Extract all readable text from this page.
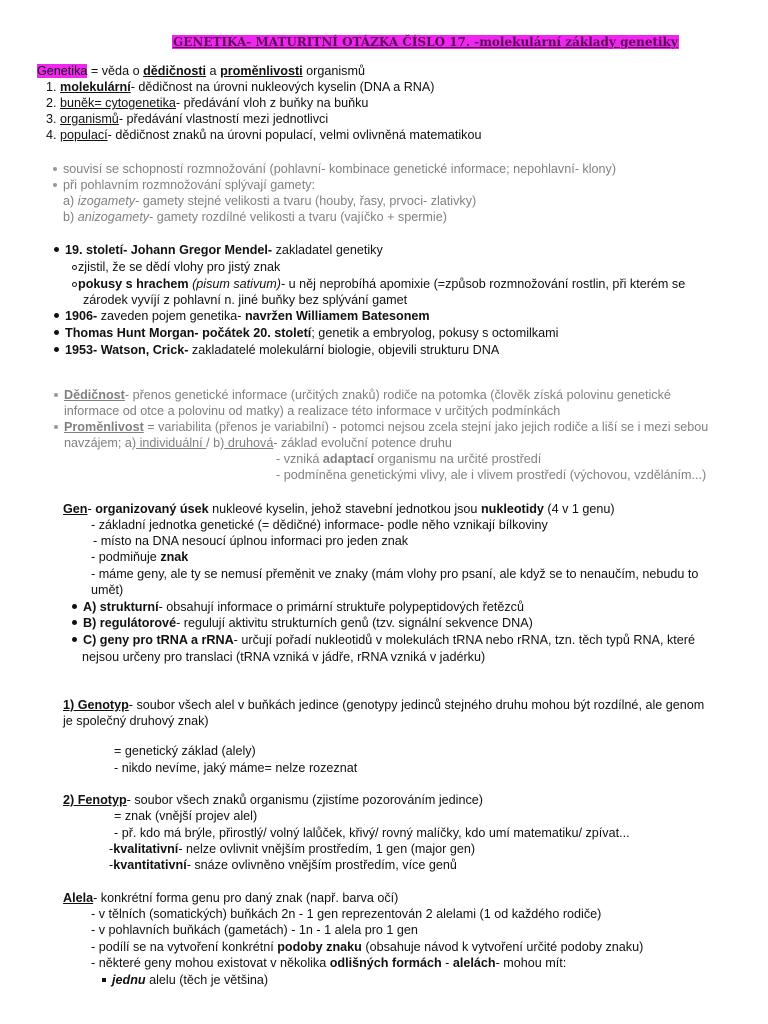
GENETIKA- MATURITNÍ OTÁZKA ČÍSLO 17. -molekulární základy genetiky
Genetika = věda o dědičnosti a proměnlivosti organismů
1. molekulární- dědičnost na úrovni nukleových kyselin (DNA a RNA)
2. buněk= cytogenetika- předávání vloh z buňky na buňku
3. organismů- předávání vlastností mezi jednotlivci
4. populací- dědičnost znaků na úrovni populací, velmi ovlivněná matematikou
souvisí se schopností rozmnožování (pohlavní- kombinace genetické informace; nepohlavní- klony)
při pohlavním rozmnožování splývají gamety:
a) izogamety- gamety stejné velikosti a tvaru (houby, řasy, prvoci- zlativky)
b) anizogamety- gamety rozdílné velikosti a tvaru (vajíčko + spermie)
19. století- Johann Gregor Mendel- zakladatel genetiky
zjistil, že se dědí vlohy pro jistý znak
pokusy s hrachem (pisum sativum)- u něj neprobíhá apomixie (=způsob rozmnožování rostlin, při kterém se
zárodek vyvíjí z pohlavní n. jiné buňky bez splývání gamet
1906- zaveden pojem genetika- navržen Williamem Batesonem
Thomas Hunt Morgan- počátek 20. století; genetik a embryolog, pokusy s octomilkami
1953- Watson, Crick- zakladatelé molekulární biologie, objevili strukturu DNA
Dědičnost- přenos genetické informace (určitých znaků) rodiče na potomka (člověk získá polovinu genetické
informace od otce a polovinu od matky) a realizace této informace v určitých podmínkách
Proměnlivost = variabilita (přenos je variabilní) - potomci nejsou zcela stejní jako jejich rodiče a liší se i mezi sebou
navzájem; a) individuální / b) druhová- základ evoluční potence druhu
- vzniká adaptací organismu na určité prostředí
- podmíněna genetickými vlivy, ale i vlivem prostředí (výchovou, vzděláním...)
Gen- organizovaný úsek nukleové kyselin, jehož stavební jednotkou jsou nukleotidy (4 v 1 genu)
- základní jednotka genetické (= dědičné) informace- podle něho vznikají bílkoviny
- místo na DNA nesoucí úplnou informaci pro jeden znak
- podmiňuje znak
- máme geny, ale ty se nemusí přeměnit ve znaky (mám vlohy pro psaní, ale když se to nenaučím, nebudu to
umět)
A) strukturní- obsahují informace o primární struktuře polypeptidových řetězců
B) regulátorové- regulují aktivitu strukturních genů (tzv. signální sekvence DNA)
C) geny pro tRNA a rRNA- určují pořadí nukleotidů v molekulách tRNA nebo rRNA, tzn. těch typů RNA, které
nejsou určeny pro translaci (tRNA vzniká v jádře, rRNA vzniká v jadérku)
1) Genotyp- soubor všech alel v buňkách jedince (genotypy jedinců stejného druhu mohou být rozdílné, ale genom
je společný druhový znak)
= genetický základ (alely)
- nikdo nevíme, jaký máme= nelze rozeznat
2) Fenotyp- soubor všech znaků organismu (zjistíme pozorováním jedince)
= znak (vnější projev alel)
- př. kdo má brýle, přirostlý/ volný lalůček, křivý/ rovný malíčky, kdo umí matematiku/ zpívat...
-kvalitativní- nelze ovlivnit vnějším prostředím, 1 gen (major gen)
-kvantitativní- snáze ovlivněno vnějším prostředím, více genů
Alela- konkrétní forma genu pro daný znak (např. barva očí)
- v tělních (somatických) buňkách 2n - 1 gen reprezentován 2 alelami (1 od každého rodiče)
- v pohlavních buňkách (gametách) - 1n - 1 alela pro 1 gen
- podílí se na vytvoření konkrétní podoby znaku (obsahuje návod k vytvoření určité podoby znaku)
- některé geny mohou existovat v několika odlišných formách - alelách- mohou mít:
jednu alelu (těch je většina)
